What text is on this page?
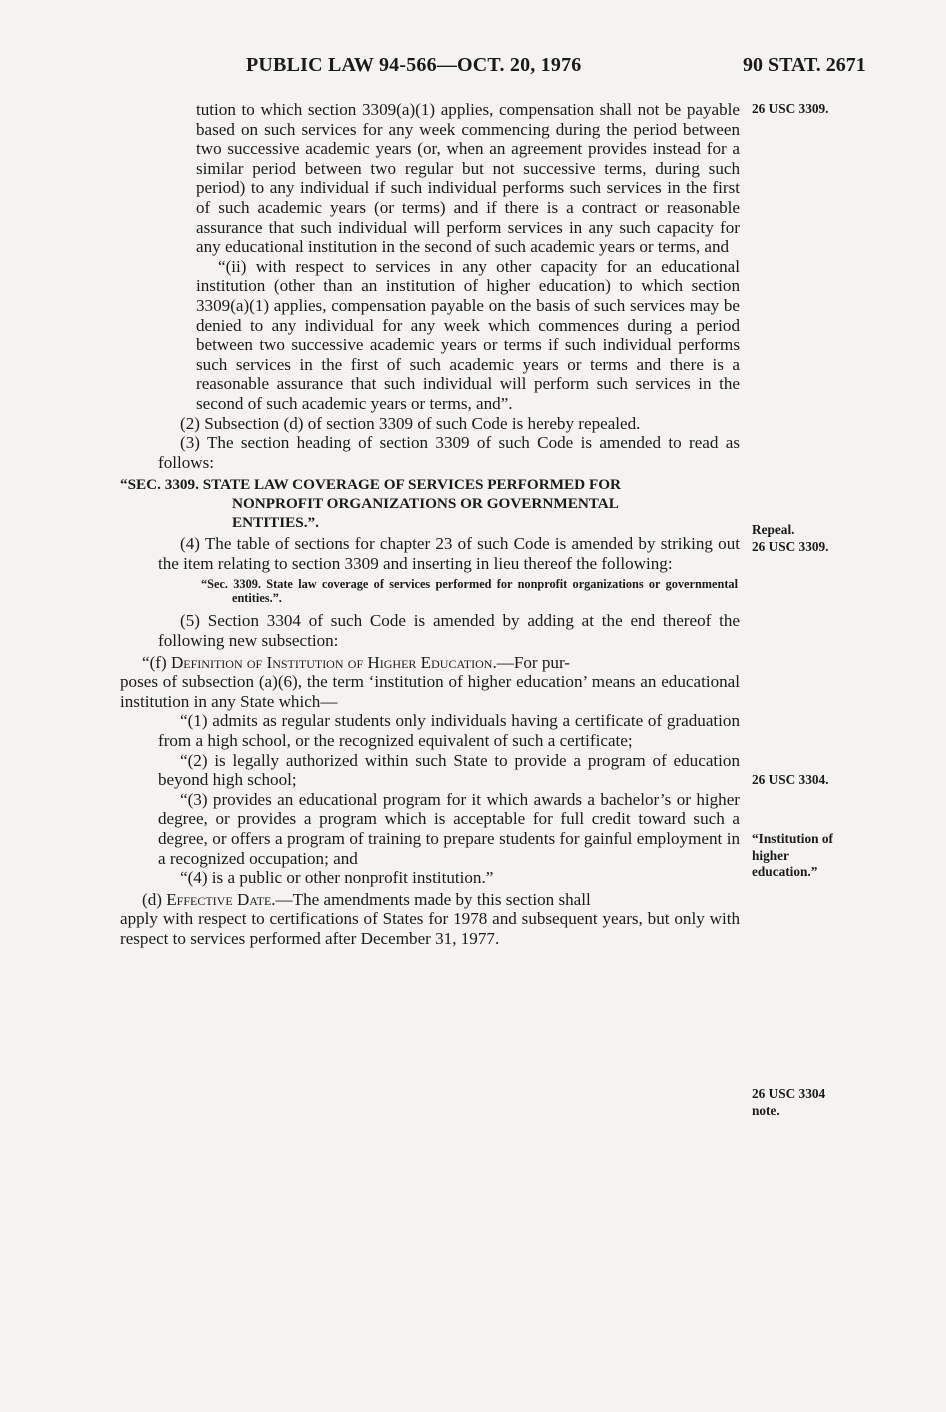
PUBLIC LAW 94-566—OCT. 20, 1976	90 STAT. 2671

tution to which section 3309(a)(1) applies, compensation shall not be payable based on such services for any week commencing during the period between two successive academic years (or, when an agreement provides instead for a similar period between two regular but not successive terms, during such period) to any individual if such individual performs such services in the first of such academic years (or terms) and if there is a contract or reasonable assurance that such individual will perform services in any such capacity for any educational institution in the second of such academic years or terms, and

“(ii) with respect to services in any other capacity for an educational institution (other than an institution of higher education) to which section 3309(a)(1) applies, compensation payable on the basis of such services may be denied to any individual for any week which commences during a period between two successive academic years or terms if such individual performs such services in the first of such academic years or terms and there is a reasonable assurance that such individual will perform such services in the second of such academic years or terms, and”.

(2) Subsection (d) of section 3309 of such Code is hereby repealed.

(3) The section heading of section 3309 of such Code is amended to read as follows:

“SEC. 3309. STATE LAW COVERAGE OF SERVICES PERFORMED FOR
NONPROFIT ORGANIZATIONS OR GOVERNMENTAL
ENTITIES.”.

(4) The table of sections for chapter 23 of such Code is amended by striking out the item relating to section 3309 and inserting in lieu thereof the following:

“Sec. 3309. State law coverage of services performed for nonprofit organizations or governmental entities.”.

(5) Section 3304 of such Code is amended by adding at the end thereof the following new subsection:

“(f) Definition of Institution of Higher Education.—For pur-

poses of subsection (a)(6), the term ‘institution of higher education’ means an educational institution in any State which—

“(1) admits as regular students only individuals having a certificate of graduation from a high school, or the recognized equivalent of such a certificate;

“(2) is legally authorized within such State to provide a program of education beyond high school;

“(3) provides an educational program for it which awards a bachelor’s or higher degree, or provides a program which is acceptable for full credit toward such a degree, or offers a program of training to prepare students for gainful employment in a recognized occupation; and

“(4) is a public or other nonprofit institution.”

(d) Effective Date.—The amendments made by this section shall

apply with respect to certifications of States for 1978 and subsequent years, but only with respect to services performed after December 31, 1977.

26 USC 3309.
Repeal.
26 USC 3309.
26 USC 3304.
“Institution of
higher
education.”
26 USC 3304
note.
